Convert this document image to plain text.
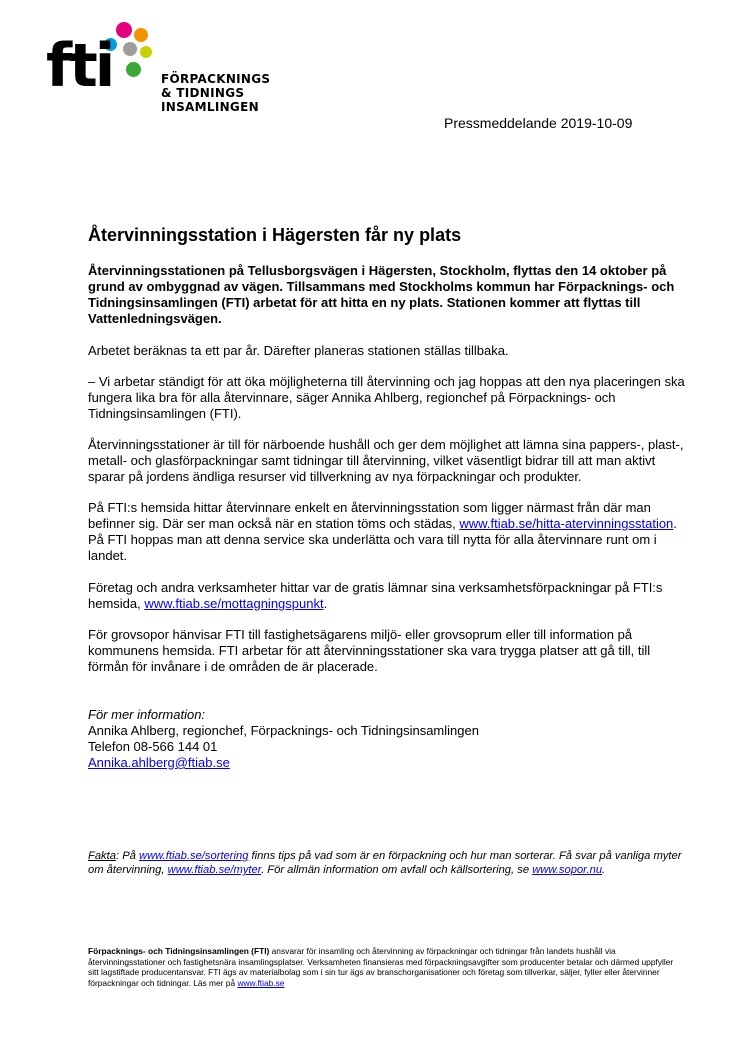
fti	FÖRPACKNINGS
& TIDNINGS
INSAMLINGEN
Pressmeddelande 2019-10-09
Återvinningsstation i Hägersten får ny plats

Återvinningsstationen på Tellusborgsvägen i Hägersten, Stockholm, flyttas den 14 oktober på grund av ombyggnad av vägen. Tillsammans med Stockholms kommun har Förpacknings- och Tidningsinsamlingen (FTI) arbetat för att hitta en ny plats. Stationen kommer att flyttas till Vattenledningsvägen.

Arbetet beräknas ta ett par år. Därefter planeras stationen ställas tillbaka.

– Vi arbetar ständigt för att öka möjligheterna till återvinning och jag hoppas att den nya placeringen ska fungera lika bra för alla återvinnare, säger Annika Ahlberg, regionchef på Förpacknings- och Tidningsinsamlingen (FTI).

Återvinningsstationer är till för närboende hushåll och ger dem möjlighet att lämna sina pappers-, plast-, metall- och glasförpackningar samt tidningar till återvinning, vilket väsentligt bidrar till att man aktivt sparar på jordens ändliga resurser vid tillverkning av nya förpackningar och produkter.

På FTI:s hemsida hittar återvinnare enkelt en återvinningsstation som ligger närmast från där man befinner sig. Där ser man också när en station töms och städas, www.ftiab.se/hitta-atervinningsstation. På FTI hoppas man att denna service ska underlätta och vara till nytta för alla återvinnare runt om i landet.

Företag och andra verksamheter hittar var de gratis lämnar sina verksamhetsförpackningar på FTI:s hemsida, www.ftiab.se/mottagningspunkt.

För grovsopor hänvisar FTI till fastighetsägarens miljö- eller grovsoprum eller till information på kommunens hemsida. FTI arbetar för att återvinningsstationer ska vara trygga platser att gå till, till förmån för invånare i de områden de är placerade.

För mer information:
Annika Ahlberg, regionchef, Förpacknings- och Tidningsinsamlingen
Telefon 08-566 144 01
Annika.ahlberg@ftiab.se

Fakta: På www.ftiab.se/sortering finns tips på vad som är en förpackning och hur man sorterar. Få svar på vanliga myter om återvinning, www.ftiab.se/myter. För allmän information om avfall och källsortering, se www.sopor.nu.

Förpacknings- och Tidningsinsamlingen (FTI) ansvarar för insamling och återvinning av förpackningar och tidningar från landets hushåll via återvinningsstationer och fastighetsnära insamlingsplatser. Verksamheten finansieras med förpackningsavgifter som producenter betalar och därmed uppfyller sitt lagstiftade producentansvar. FTI ägs av materialbolag som i sin tur ägs av branschorganisationer och företag som tillverkar, säljer, fyller eller återvinner förpackningar och tidningar. Läs mer på www.ftiab.se
